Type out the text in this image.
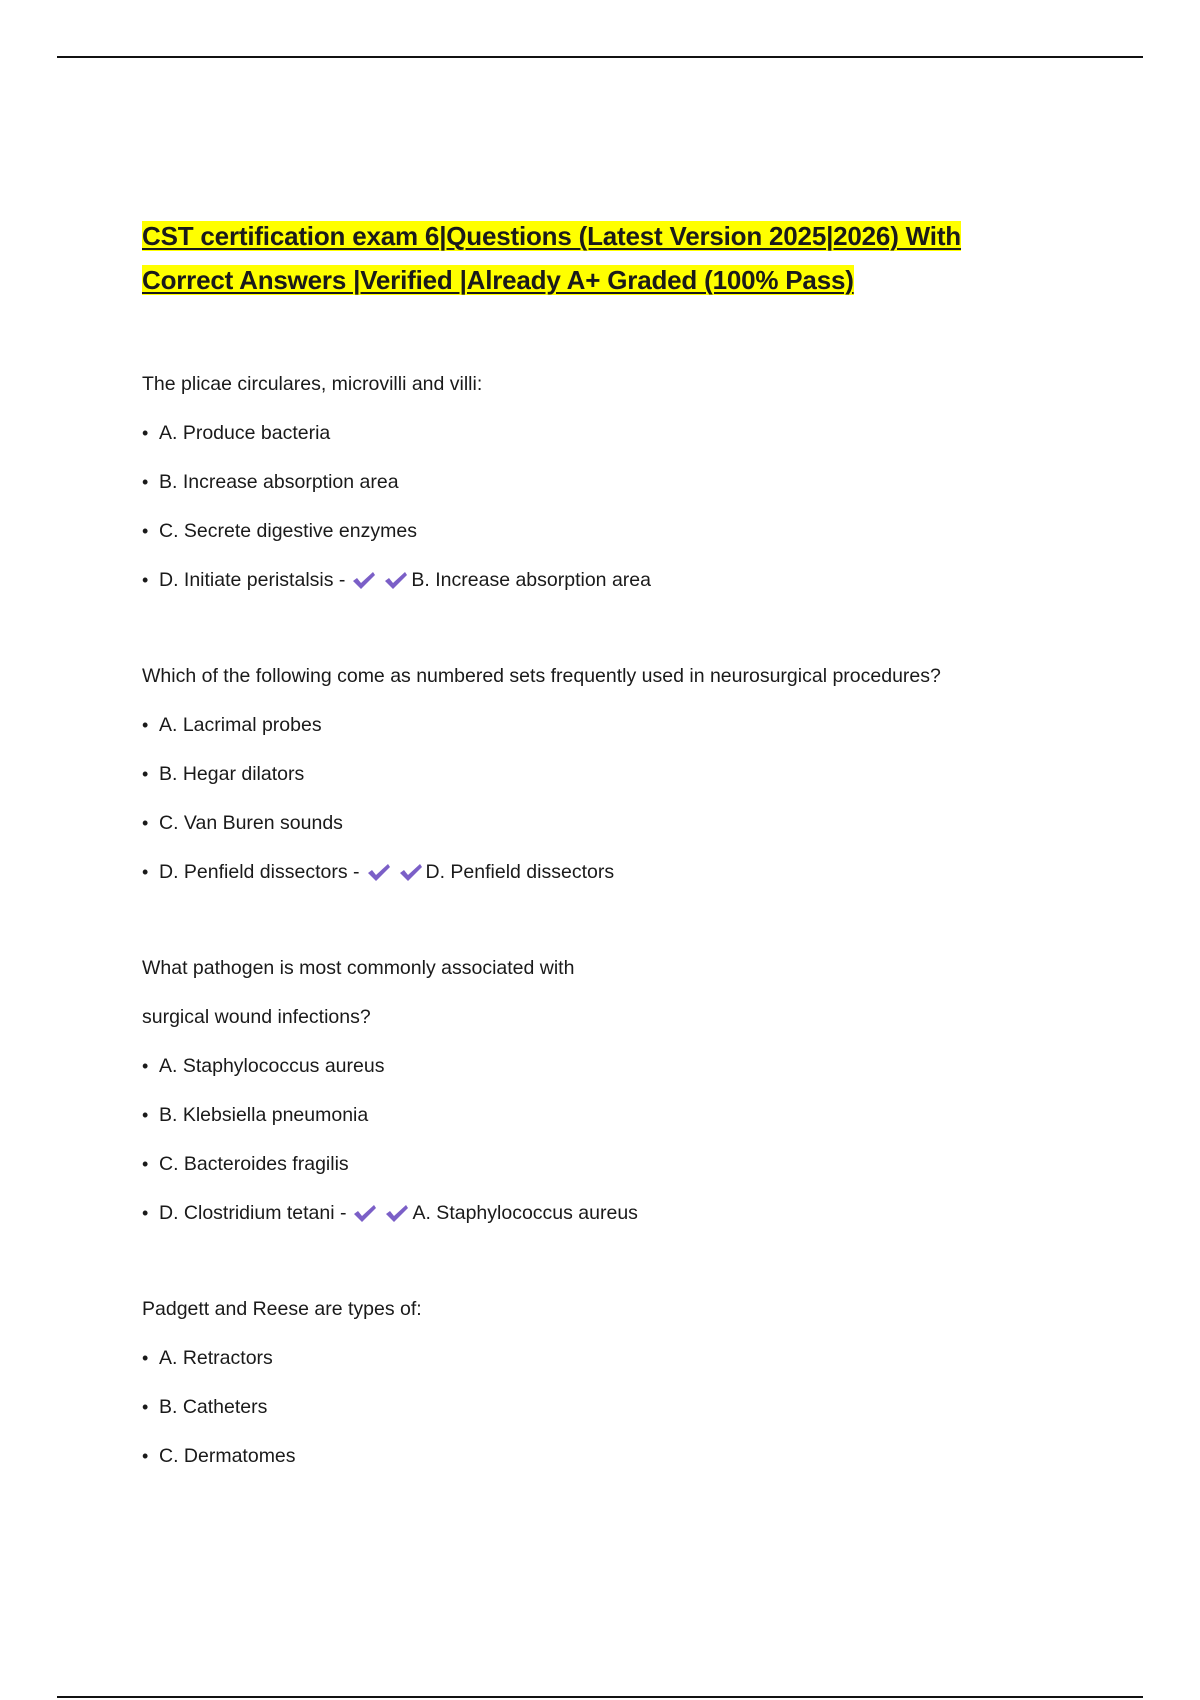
CST certification exam 6|Questions (Latest Version 2025|2026) With
Correct Answers |Verified |Already A+ Graded (100% Pass)
The plicae circulares, microvilli and villi:
• A. Produce bacteria
• B. Increase absorption area
• C. Secrete digestive enzymes
• D. Initiate peristalsis -	B. Increase absorption area
Which of the following come as numbered sets frequently used in neurosurgical procedures?
• A. Lacrimal probes
• B. Hegar dilators
• C. Van Buren sounds
• D. Penfield dissectors -	D. Penfield dissectors
What pathogen is most commonly associated with
surgical wound infections?
• A. Staphylococcus aureus
• B. Klebsiella pneumonia
• C. Bacteroides fragilis
• D. Clostridium tetani -	A. Staphylococcus aureus
Padgett and Reese are types of:
• A. Retractors
• B. Catheters
• C. Dermatomes
